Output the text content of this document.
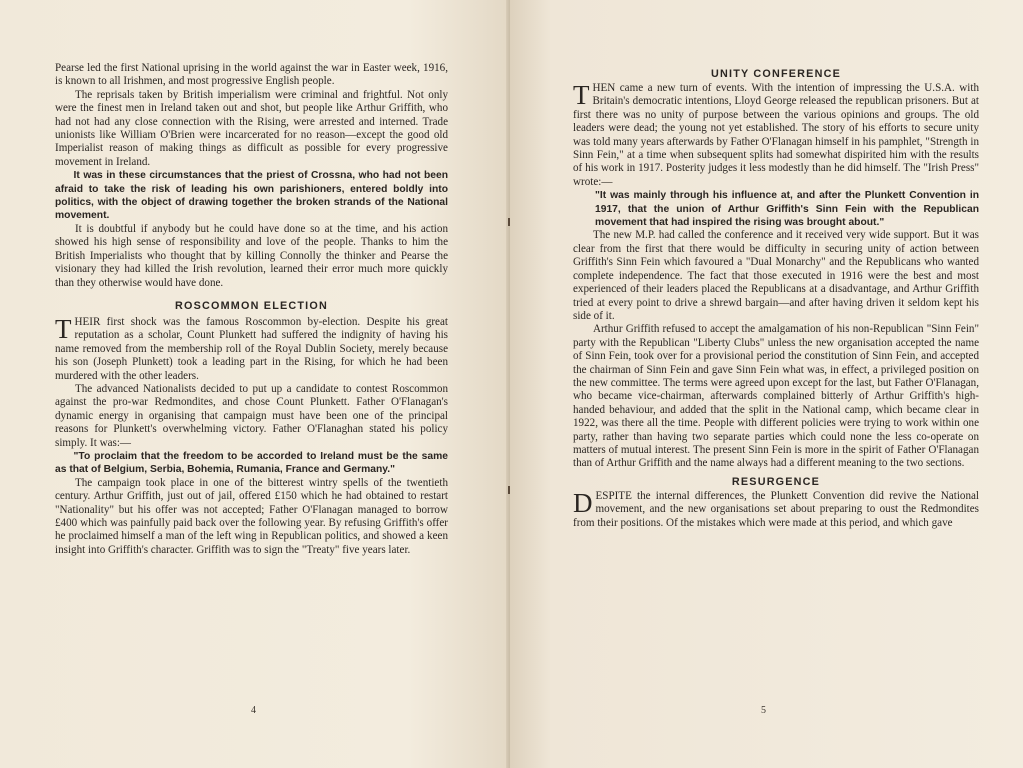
Pearse led the first National uprising in the world against the war in Easter week, 1916, is known to all Irishmen, and most progressive English people.

The reprisals taken by British imperialism were criminal and frightful. Not only were the finest men in Ireland taken out and shot, but people like Arthur Griffith, who had not had any close connection with the Rising, were arrested and interned. Trade unionists like William O'Brien were incarcerated for no reason—except the good old Imperialist reason of making things as difficult as possible for every progressive movement in Ireland.

It was in these circumstances that the priest of Crossna, who had not been afraid to take the risk of leading his own parishioners, entered boldly into politics, with the object of drawing together the broken strands of the National movement.

It is doubtful if anybody but he could have done so at the time, and his action showed his high sense of responsibility and love of the people. Thanks to him the British Imperialists who thought that by killing Connolly the thinker and Pearse the visionary they had killed the Irish revolution, learned their error much more quickly than they otherwise would have done.

ROSCOMMON ELECTION

THEIR first shock was the famous Roscommon by-election. Despite his great reputation as a scholar, Count Plunkett had suffered the indignity of having his name removed from the membership roll of the Royal Dublin Society, merely because his son (Joseph Plunkett) took a leading part in the Rising, for which he had been murdered with the other leaders.

The advanced Nationalists decided to put up a candidate to contest Roscommon against the pro-war Redmondites, and chose Count Plunkett. Father O'Flanagan's dynamic energy in organising that campaign must have been one of the principal reasons for Plunkett's overwhelming victory. Father O'Flanaghan stated his policy simply. It was:—

"To proclaim that the freedom to be accorded to Ireland must be the same as that of Belgium, Serbia, Bohemia, Rumania, France and Germany."

The campaign took place in one of the bitterest wintry spells of the twentieth century. Arthur Griffith, just out of jail, offered £150 which he had obtained to restart "Nationality" but his offer was not accepted; Father O'Flanagan managed to borrow £400 which was painfully paid back over the following year. By refusing Griffith's offer he proclaimed himself a man of the left wing in Republican politics, and showed a keen insight into Griffith's character. Griffith was to sign the "Treaty" five years later.

4
UNITY CONFERENCE

THEN came a new turn of events. With the intention of impressing the U.S.A. with Britain's democratic intentions, Lloyd George released the republican prisoners. But at first there was no unity of purpose between the various opinions and groups. The old leaders were dead; the young not yet established. The story of his efforts to secure unity was told many years afterwards by Father O'Flanagan himself in his pamphlet, "Strength in Sinn Fein," at a time when subsequent splits had somewhat dispirited him with the results of his work in 1917. Posterity judges it less modestly than he did himself. The "Irish Press" wrote:—

"It was mainly through his influence at, and after the Plunkett Convention in 1917, that the union of Arthur Griffith's Sinn Fein with the Republican movement that had inspired the rising was brought about."

The new M.P. had called the conference and it received very wide support. But it was clear from the first that there would be difficulty in securing unity of action between Griffith's Sinn Fein which favoured a "Dual Monarchy" and the Republicans who wanted complete independence. The fact that those executed in 1916 were the best and most experienced of their leaders placed the Republicans at a disadvantage, and Arthur Griffith tried at every point to drive a shrewd bargain—and after having driven it seldom kept his side of it.

Arthur Griffith refused to accept the amalgamation of his non-Republican "Sinn Fein" party with the Republican "Liberty Clubs" unless the new organisation accepted the name of Sinn Fein, took over for a provisional period the constitution of Sinn Fein, and accepted the chairman of Sinn Fein and gave Sinn Fein what was, in effect, a privileged position on the new committee. The terms were agreed upon except for the last, but Father O'Flanagan, who became vice-chairman, afterwards complained bitterly of Arthur Griffith's high-handed behaviour, and added that the split in the National camp, which became clear in 1922, was there all the time. People with different policies were trying to work within one party, rather than having two separate parties which could none the less co-operate on matters of mutual interest. The present Sinn Fein is more in the spirit of Father O'Flanagan than of Arthur Griffith and the name always had a different meaning to the two sections.

RESURGENCE

DESPITE the internal differences, the Plunkett Convention did revive the National movement, and the new organisations set about preparing to oust the Redmondites from their positions. Of the mistakes which were made at this period, and which gave

5
